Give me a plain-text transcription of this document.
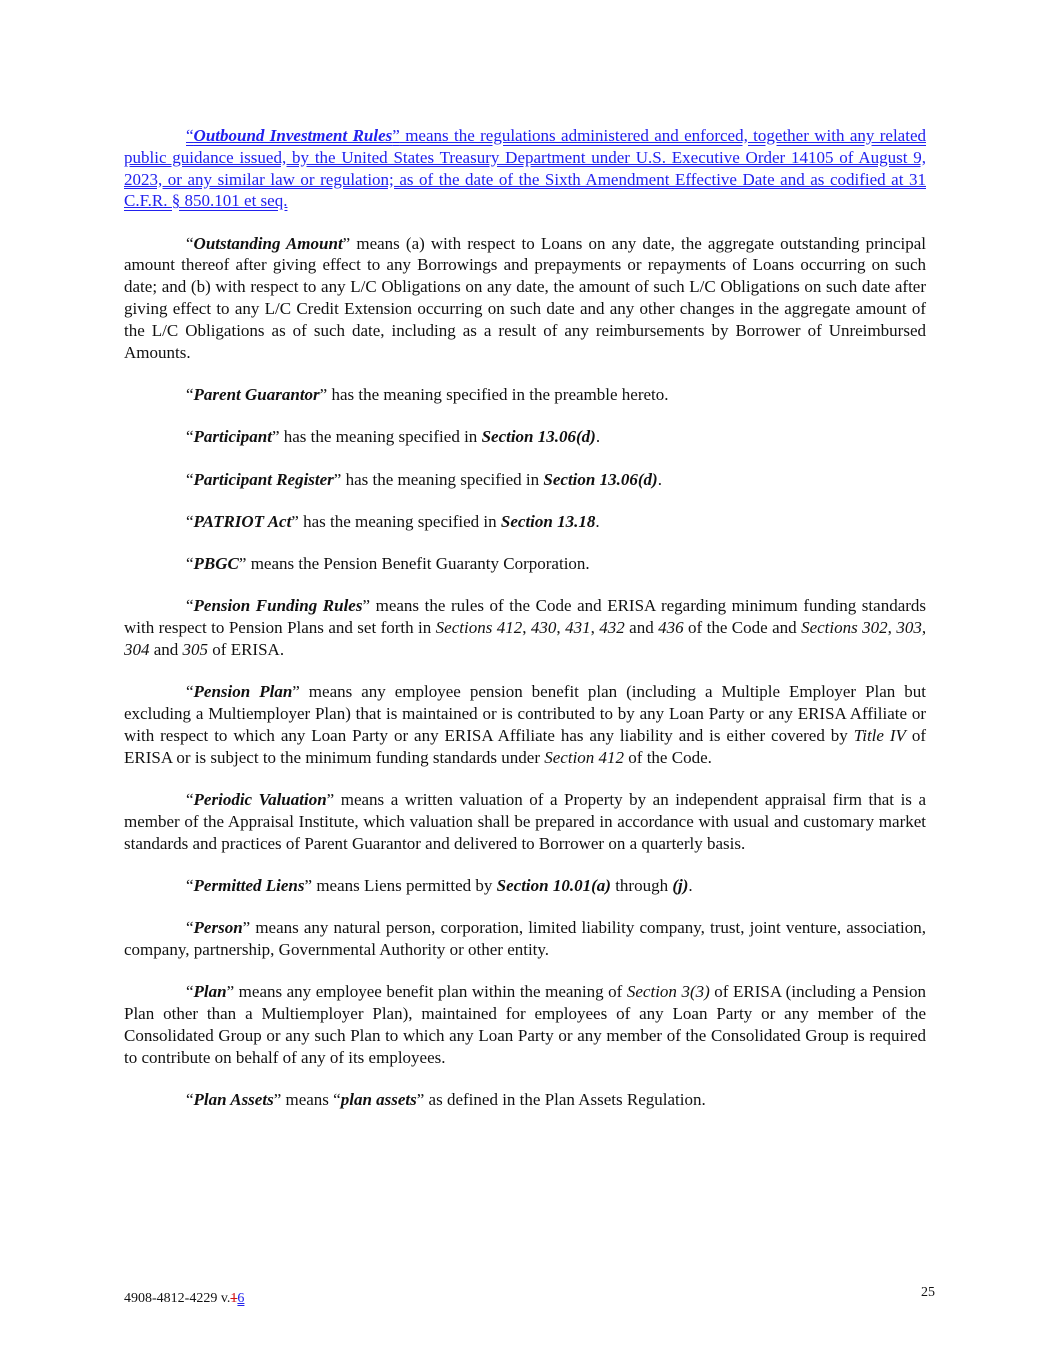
“Outbound Investment Rules” means the regulations administered and enforced, together with any related public guidance issued, by the United States Treasury Department under U.S. Executive Order 14105 of August 9, 2023, or any similar law or regulation; as of the date of the Sixth Amendment Effective Date and as codified at 31 C.F.R. § 850.101 et seq.

“Outstanding Amount” means (a) with respect to Loans on any date, the aggregate outstanding principal amount thereof after giving effect to any Borrowings and prepayments or repayments of Loans occurring on such date; and (b) with respect to any L/C Obligations on any date, the amount of such L/C Obligations on such date after giving effect to any L/C Credit Extension occurring on such date and any other changes in the aggregate amount of the L/C Obligations as of such date, including as a result of any reimbursements by Borrower of Unreimbursed Amounts.

“Parent Guarantor” has the meaning specified in the preamble hereto.

“Participant” has the meaning specified in Section 13.06(d).

“Participant Register” has the meaning specified in Section 13.06(d).

“PATRIOT Act” has the meaning specified in Section 13.18.

“PBGC” means the Pension Benefit Guaranty Corporation.

“Pension Funding Rules” means the rules of the Code and ERISA regarding minimum funding standards with respect to Pension Plans and set forth in Sections 412, 430, 431, 432 and 436 of the Code and Sections 302, 303, 304 and 305 of ERISA.

“Pension Plan” means any employee pension benefit plan (including a Multiple Employer Plan but excluding a Multiemployer Plan) that is maintained or is contributed to by any Loan Party or any ERISA Affiliate or with respect to which any Loan Party or any ERISA Affiliate has any liability and is either covered by Title IV of ERISA or is subject to the minimum funding standards under Section 412 of the Code.

“Periodic Valuation” means a written valuation of a Property by an independent appraisal firm that is a member of the Appraisal Institute, which valuation shall be prepared in accordance with usual and customary market standards and practices of Parent Guarantor and delivered to Borrower on a quarterly basis.

“Permitted Liens” means Liens permitted by Section 10.01(a) through (j).

“Person” means any natural person, corporation, limited liability company, trust, joint venture, association, company, partnership, Governmental Authority or other entity.

“Plan” means any employee benefit plan within the meaning of Section 3(3) of ERISA (including a Pension Plan other than a Multiemployer Plan), maintained for employees of any Loan Party or any member of the Consolidated Group or any such Plan to which any Loan Party or any member of the Consolidated Group is required to contribute on behalf of any of its employees.

“Plan Assets” means “plan assets” as defined in the Plan Assets Regulation.

4908-4812-4229 v.16	25
